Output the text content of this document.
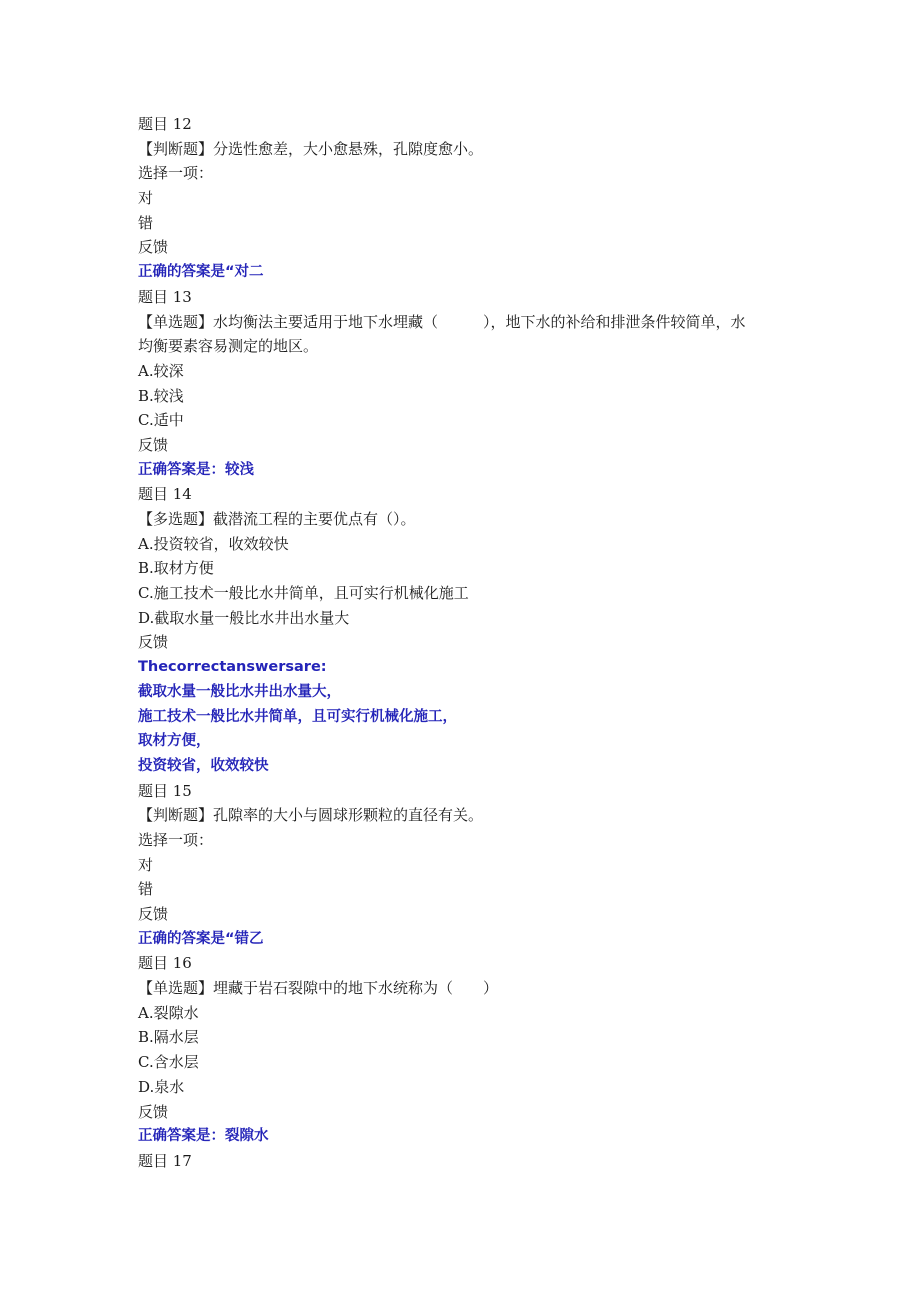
题目 12
【判断题】分选性愈差，大小愈悬殊，孔隙度愈小。
选择一项：
对
错
反馈
正确的答案是“对二
题目 13
【单选题】水均衡法主要适用于地下水埋藏（　　　），地下水的补给和排泄条件较简单，水
均衡要素容易测定的地区。
A.较深
B.较浅
C.适中
反馈
正确答案是：较浅
题目 14
【多选题】截潜流工程的主要优点有（）。
A.投资较省，收效较快
B.取材方便
C.施工技术一般比水井简单，且可实行机械化施工
D.截取水量一般比水井出水量大
反馈
Thecorrectanswersare:
截取水量一般比水井出水量大，
施工技术一般比水井简单，且可实行机械化施工，
取材方便，
投资较省，收效较快
题目 15
【判断题】孔隙率的大小与圆球形颗粒的直径有关。
选择一项：
对
错
反馈
正确的答案是“错乙
题目 16
【单选题】埋藏于岩石裂隙中的地下水统称为（　　）
A.裂隙水
B.隔水层
C.含水层
D.泉水
反馈
正确答案是：裂隙水
题目 17
